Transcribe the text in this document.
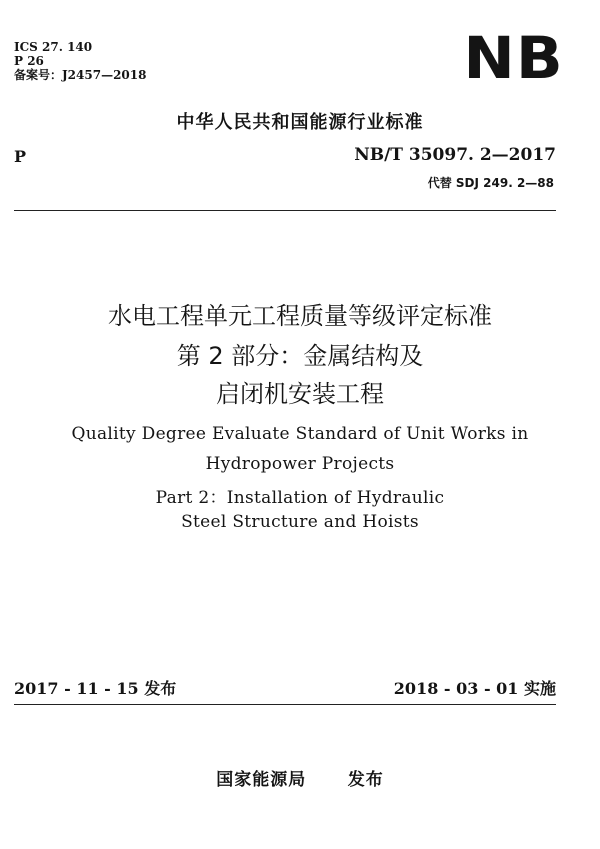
ICS 27. 140
P 26
备案号：J2457—2018	NB
中华人民共和国能源行业标准
P	NB/T 35097. 2—2017
代替 SDJ 249. 2—88
水电工程单元工程质量等级评定标准
第 2 部分：金属结构及
启闭机安装工程
Quality Degree Evaluate Standard of Unit Works in
Hydropower Projects
Part 2：Installation of Hydraulic
Steel Structure and Hoists
2017 - 11 - 15 发布	2018 - 03 - 01 实施
国家能源局      发布
